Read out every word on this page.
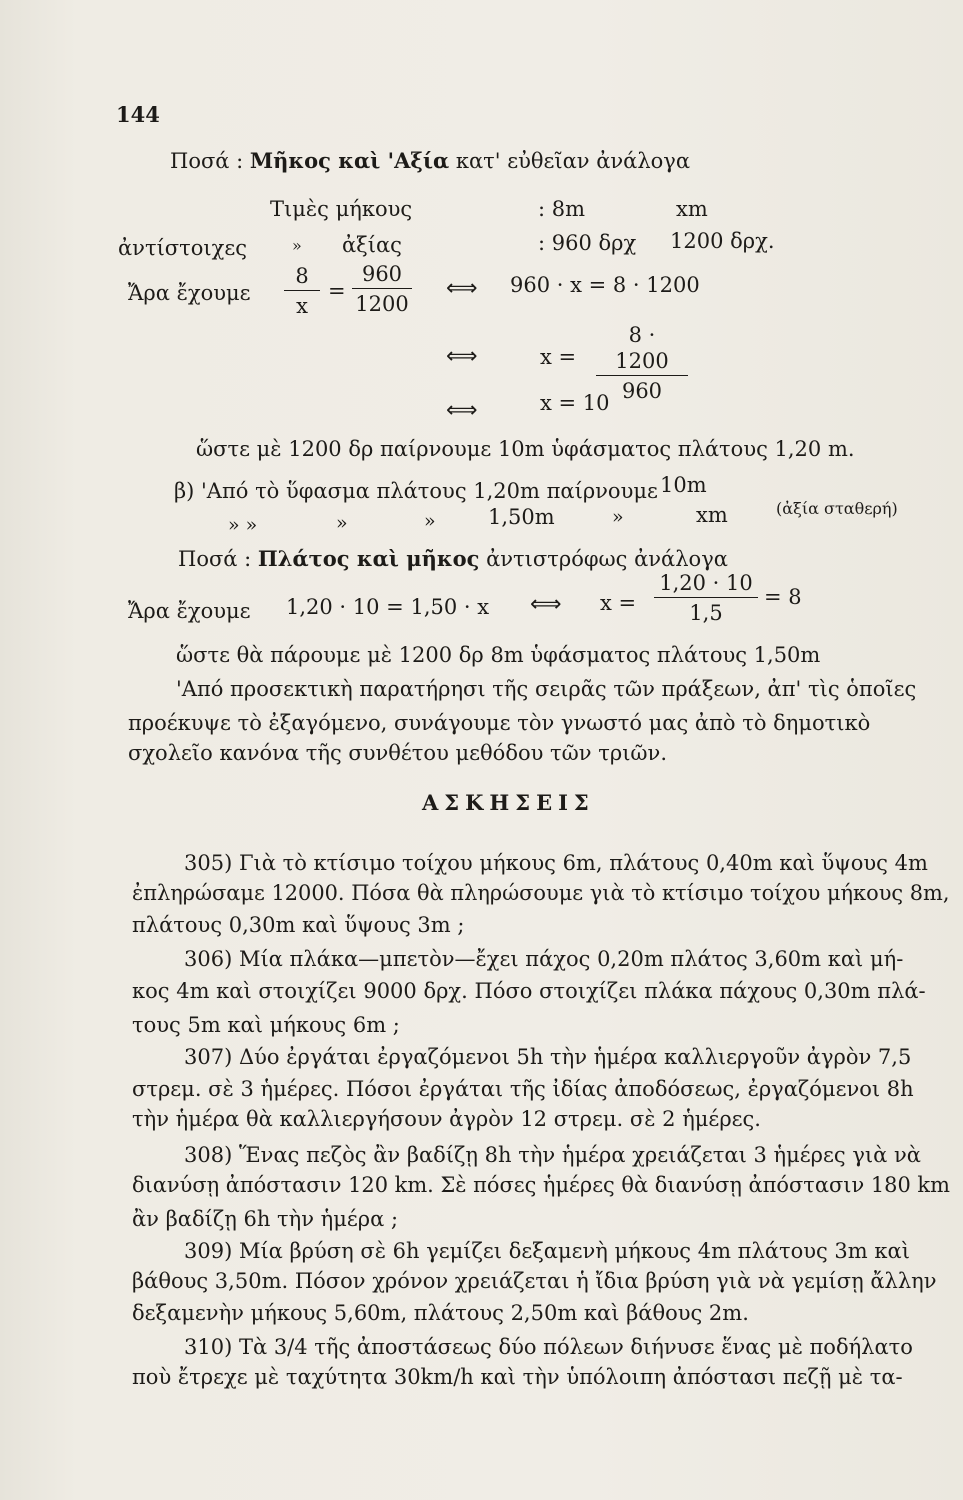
144
Ποσά : Μῆκος καὶ 'Αξία κατ' εὐθεῖαν ἀνάλογα
Τιμὲς μήκους	: 8m	xm
ἀντίστοιχες	» ἀξίας	: 960 δρχ 1200 δρχ.
Ἄρα ἔχουμε $\frac{8}{x} = \frac{960}{1200}$ ⟺ 960 · x = 8 · 1200
⟺	$x = \frac{8 \cdot 1200}{960}$
⟺	x = 10
ὥστε μὲ 1200 δρ παίρνουμε 10m ὑφάσματος πλάτους 1,20 m.
β) 'Από τὸ ὕφασμα πλάτους 1,20m παίρνουμε 10m
» »	»	» 1,50m	»	xm	(ἀξία σταθερή)
Ποσά : Πλάτος καὶ μῆκος ἀντιστρόφως ἀνάλογα
Ἄρα ἔχουμε 1,20 · 10 = 1,50 · x ⟺ $x = \frac{1,20 \cdot 10}{1,5} = 8$
ὥστε θὰ πάρουμε μὲ 1200 δρ 8m ὑφάσματος πλάτους 1,50m
'Από προσεκτικὴ παρατήρησι τῆς σειρᾶς τῶν πράξεων, ἀπ' τὶς ὁποῖες
προέκυψε τὸ ἐξαγόμενο, συνάγουμε τὸν γνωστό μας ἀπὸ τὸ δημοτικὸ
σχολεῖο κανόνα τῆς συνθέτου μεθόδου τῶν τριῶν.
ΑΣΚΗΣΕΙΣ
305) Γιὰ τὸ κτίσιμο τοίχου μήκους 6m, πλάτους 0,40m καὶ ὕψους 4m
ἐπληρώσαμε 12000. Πόσα θὰ πληρώσουμε γιὰ τὸ κτίσιμο τοίχου μήκους 8m,
πλάτους 0,30m καὶ ὕψους 3m ;
306) Μία πλάκα—μπετὸν—ἔχει πάχος 0,20m πλάτος 3,60m καὶ μή-
κος 4m καὶ στοιχίζει 9000 δρχ. Πόσο στοιχίζει πλάκα πάχους 0,30m πλά-
τους 5m καὶ μήκους 6m ;
307) Δύο ἐργάται ἐργαζόμενοι 5h τὴν ἡμέρα καλλιεργοῦν ἀγρὸν 7,5
στρεμ. σὲ 3 ἡμέρες. Πόσοι ἐργάται τῆς ἰδίας ἀποδόσεως, ἐργαζόμενοι 8h
τὴν ἡμέρα θὰ καλλιεργήσουν ἀγρὸν 12 στρεμ. σὲ 2 ἡμέρες.
308) Ἕνας πεζὸς ἂν βαδίζῃ 8h τὴν ἡμέρα χρειάζεται 3 ἡμέρες γιὰ νὰ
διανύσῃ ἀπόστασιν 120 km. Σὲ πόσες ἡμέρες θὰ διανύσῃ ἀπόστασιν 180 km
ἂν βαδίζῃ 6h τὴν ἡμέρα ;
309) Μία βρύση σὲ 6h γεμίζει δεξαμενὴ μήκους 4m πλάτους 3m καὶ
βάθους 3,50m. Πόσον χρόνον χρειάζεται ἡ ἴδια βρύση γιὰ νὰ γεμίσῃ ἄλλην
δεξαμενὴν μήκους 5,60m, πλάτους 2,50m καὶ βάθους 2m.
310) Τὰ 3/4 τῆς ἀποστάσεως δύο πόλεων διήνυσε ἕνας μὲ ποδήλατο
ποὺ ἔτρεχε μὲ ταχύτητα 30km/h καὶ τὴν ὑπόλοιπη ἀπόστασι πεζῇ μὲ τα-
